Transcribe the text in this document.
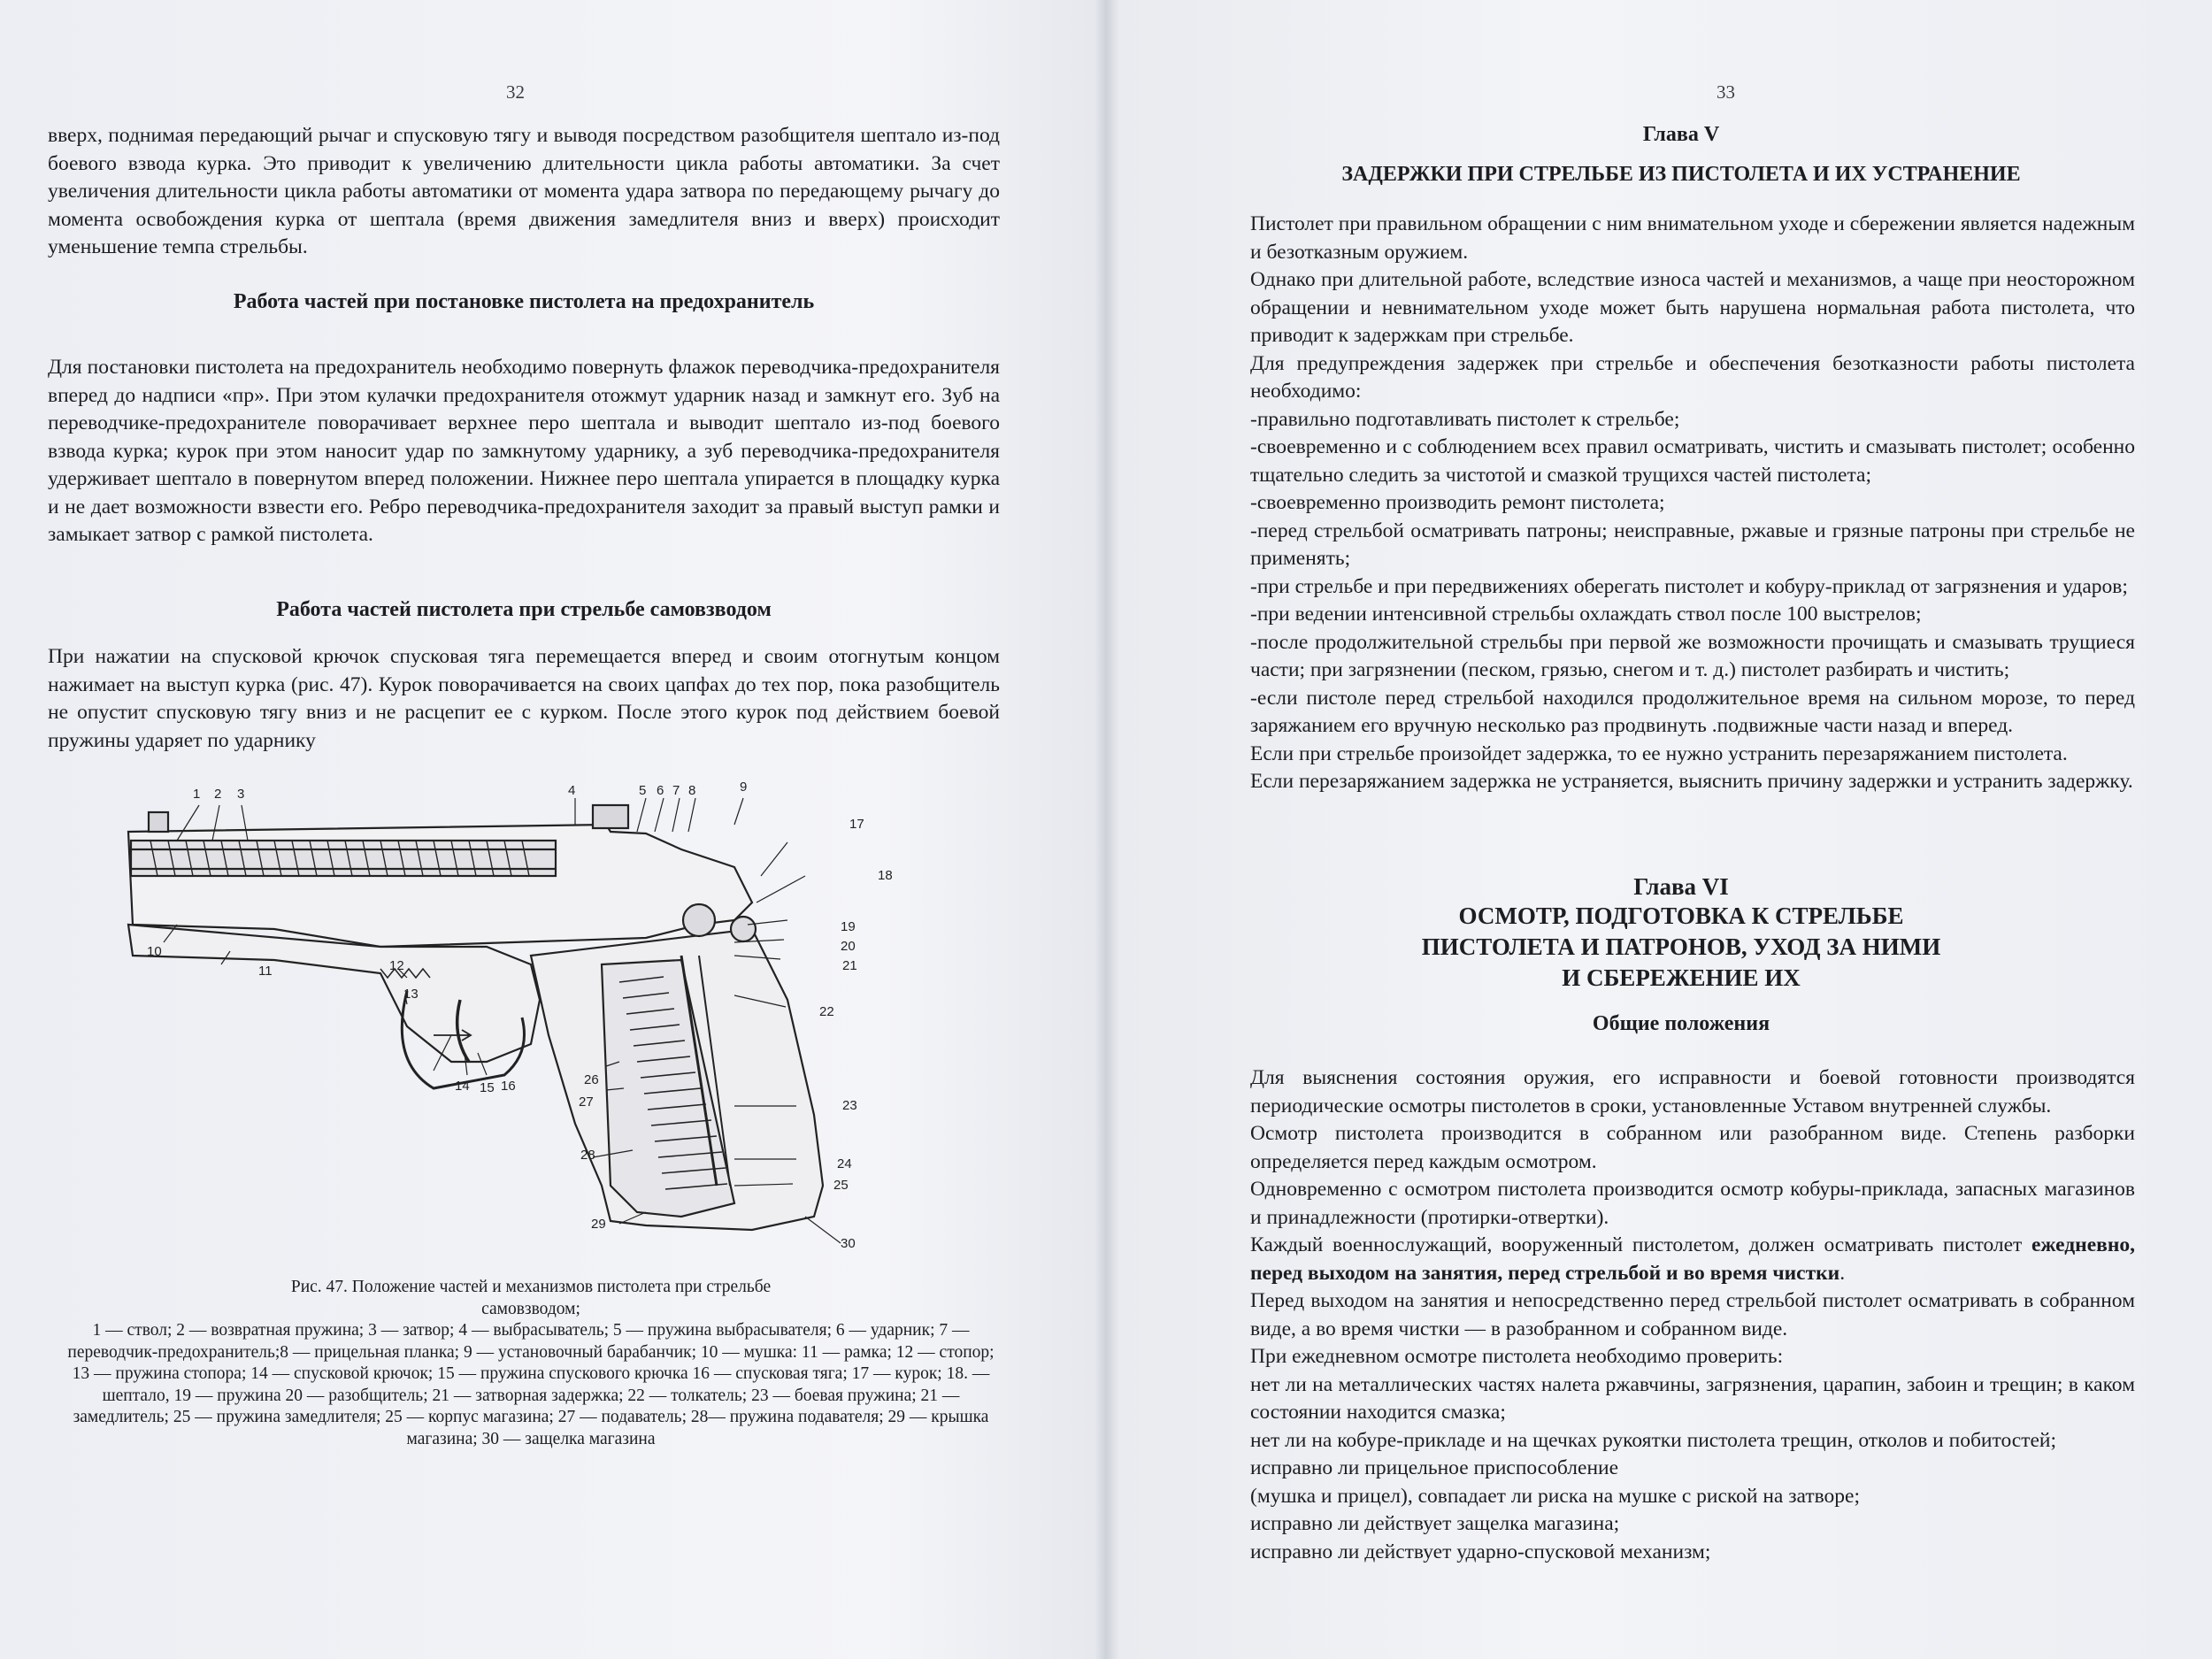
32

вверх, поднимая передающий рычаг и спусковую тягу и выводя посредством разобщителя шептало из-под боевого взвода курка. Это приводит к увеличению длительности цикла работы автоматики. За счет увеличения длительности цикла работы автоматики от момента удара затвора по передающему рычагу до момента освобождения курка от шептала (время движения замедлителя вниз и вверх) происходит уменьшение темпа стрельбы.

Работа частей при постановке пистолета на предохранитель

Для постановки пистолета на предохранитель необходимо повернуть флажок переводчика-предохранителя вперед до надписи «пр». При этом кулачки предохранителя отожмут ударник назад и замкнут его. Зуб на переводчике-предохранителе поворачивает верхнее перо шептала и выводит шептало из-под боевого взвода курка; курок при этом наносит удар по замкнутому ударнику, а зуб переводчика-предохранителя удерживает шептало в повернутом вперед положении. Нижнее перо шептала упирается в площадку курка и не дает возможности взвести его. Ребро переводчика-предохранителя заходит за правый выступ рамки и замыкает затвор с рамкой пистолета.

Работа частей пистолета при стрельбе самовзводом

При нажатии на спусковой крючок спусковая тяга перемещается вперед и своим отогнутым концом нажимает на выступ курка (рис. 47). Курок поворачивается на своих цапфах до тех пор, пока разобщитель не опустит спусковую тягу вниз и не расцепит ее с курком. После этого курок под действием боевой пружины ударяет по ударнику

1 2 3	4	5 6 7 8	9
10
11	12
13
14 15 16
17
18
19
20
21
22
23
24
25
26
27
28
29
30
Рис. 47. Положение частей и механизмов пистолета при стрельбе самовзводом;
1 — ствол; 2 — возвратная пружина; 3 — затвор; 4 — выбрасыватель; 5 — пружина выбрасывателя; 6 — ударник; 7 — переводчик-предохранитель;8 — прицельная планка; 9 — установочный барабанчик; 10 — мушка: 11 — рамка; 12 — стопор; 13 — пружина стопора; 14 — спусковой крючок; 15 — пружина спускового крючка 16 — спусковая тяга; 17 — курок; 18. — шептало, 19 — пружина 20 — разобщитель; 21 — затворная задержка; 22 — толкатель; 23 — боевая пружина; 21 — замедлитель; 25 — пружина замедлителя; 25 — корпус магазина; 27 — подаватель; 28— пружина подавателя; 29 — крышка магазина; 30 — защелка магазина
33
Глава V
ЗАДЕРЖКИ ПРИ СТРЕЛЬБЕ ИЗ ПИСТОЛЕТА И ИХ УСТРАНЕНИЕ

Пистолет при правильном обращении с ним внимательном уходе и сбережении является надежным и безотказным оружием.

Однако при длительной работе, вследствие износа частей и механизмов, а чаще при неосторожном обращении и невнимательном уходе может быть нарушена нормальная работа пистолета, что приводит к задержкам при стрельбе.

Для предупреждения задержек при стрельбе и обеспечения безотказности работы пистолета необходимо:

-правильно подготавливать пистолет к стрельбе;

-своевременно и с соблюдением всех правил осматривать, чистить и смазывать пистолет; особенно тщательно следить за чистотой и смазкой трущихся частей пистолета;

-своевременно производить ремонт пистолета;

-перед стрельбой осматривать патроны; неисправные, ржавые и грязные патроны при стрельбе не применять;

-при стрельбе и при передвижениях оберегать пистолет и кобуру-приклад от загрязнения и ударов;

-при ведении интенсивной стрельбы охлаждать ствол после 100 выстрелов;

-после продолжительной стрельбы при первой же возможности прочищать и смазывать трущиеся части; при загрязнении (песком, грязью, снегом и т. д.) пистолет разбирать и чистить;

-если пистоле перед стрельбой находился продолжительное время на сильном морозе, то перед заряжанием его вручную несколько раз продвинуть .подвижные части назад и вперед.

Если при стрельбе произойдет задержка, то ее нужно устранить перезаряжанием пистолета.

Если перезаряжанием задержка не устраняется, выяснить причину задержки и устранить задержку.

Глава VI
ОСМОТР, ПОДГОТОВКА К СТРЕЛЬБЕ
ПИСТОЛЕТА И ПАТРОНОВ, УХОД ЗА НИМИ
И СБЕРЕЖЕНИЕ ИХ
Общие положения

Для выяснения состояния оружия, его исправности и боевой готовности производятся периодические осмотры пистолетов в сроки, установленные Уставом внутренней службы.

Осмотр пистолета производится в собранном или разобранном виде. Степень разборки определяется перед каждым осмотром.

Одновременно с осмотром пистолета производится осмотр кобуры-приклада, запасных магазинов и принадлежности (протирки-отвертки).

Каждый военнослужащий, вооруженный пистолетом, должен осматривать пистолет ежедневно, перед выходом на занятия, перед стрельбой и во время чистки.

Перед выходом на занятия и непосредственно перед стрельбой пистолет осматривать в собранном виде, а во время чистки — в разобранном и собранном виде.

При ежедневном осмотре пистолета необходимо проверить:

нет ли на металлических частях налета ржавчины, загрязнения, царапин, забоин и трещин; в каком состоянии находится смазка;

нет ли на кобуре-прикладе и на щечках рукоятки пистолета трещин, отколов и побитостей;

исправно ли прицельное приспособление

(мушка и прицел), совпадает ли риска на мушке с риской на затворе;

исправно ли действует защелка магазина;

исправно ли действует ударно-спусковой механизм;
